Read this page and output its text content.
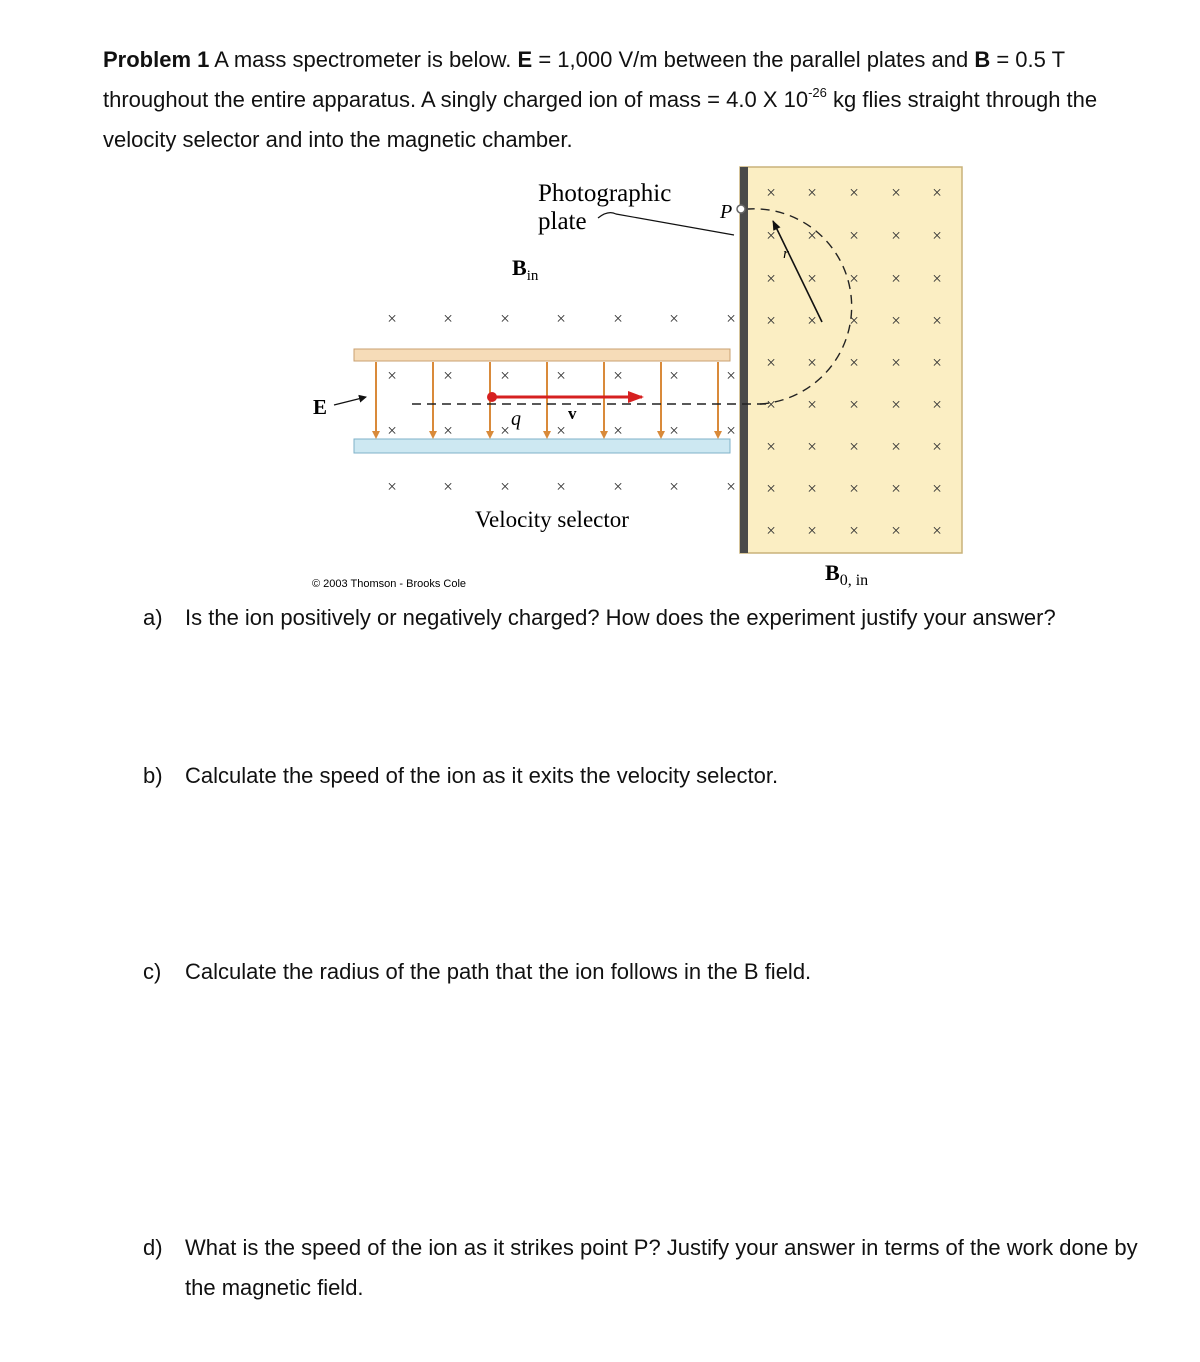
Problem 1 A mass spectrometer is below. E = 1,000 V/m between the parallel plates and B = 0.5 T throughout the entire apparatus. A singly charged ion of mass = 4.0 X $10^{-26}$ kg flies straight through the velocity selector and into the magnetic chamber.
×	×	×	×	×	×	×
×	×	×	×	×	×	×
×	×	×	×	×	×	×
×	×	×	×	×	×	×
× × × × ×
× × × × ×
× × × × ×
× × × × ×
× × × × ×
× × × × ×
× × × × ×
× × × × ×
× × × × ×
Photographic
plate	P
$B_{in}$
E	q	v
r
Velocity selector
$B_{0, in}$
© 2003 Thomson - Brooks Cole
a) Is the ion positively or negatively charged? How does the experiment justify your answer?
b) Calculate the speed of the ion as it exits the velocity selector.
c) Calculate the radius of the path that the ion follows in the B field.
d) What is the speed of the ion as it strikes point P? Justify your answer in terms of the work done by the magnetic field.
